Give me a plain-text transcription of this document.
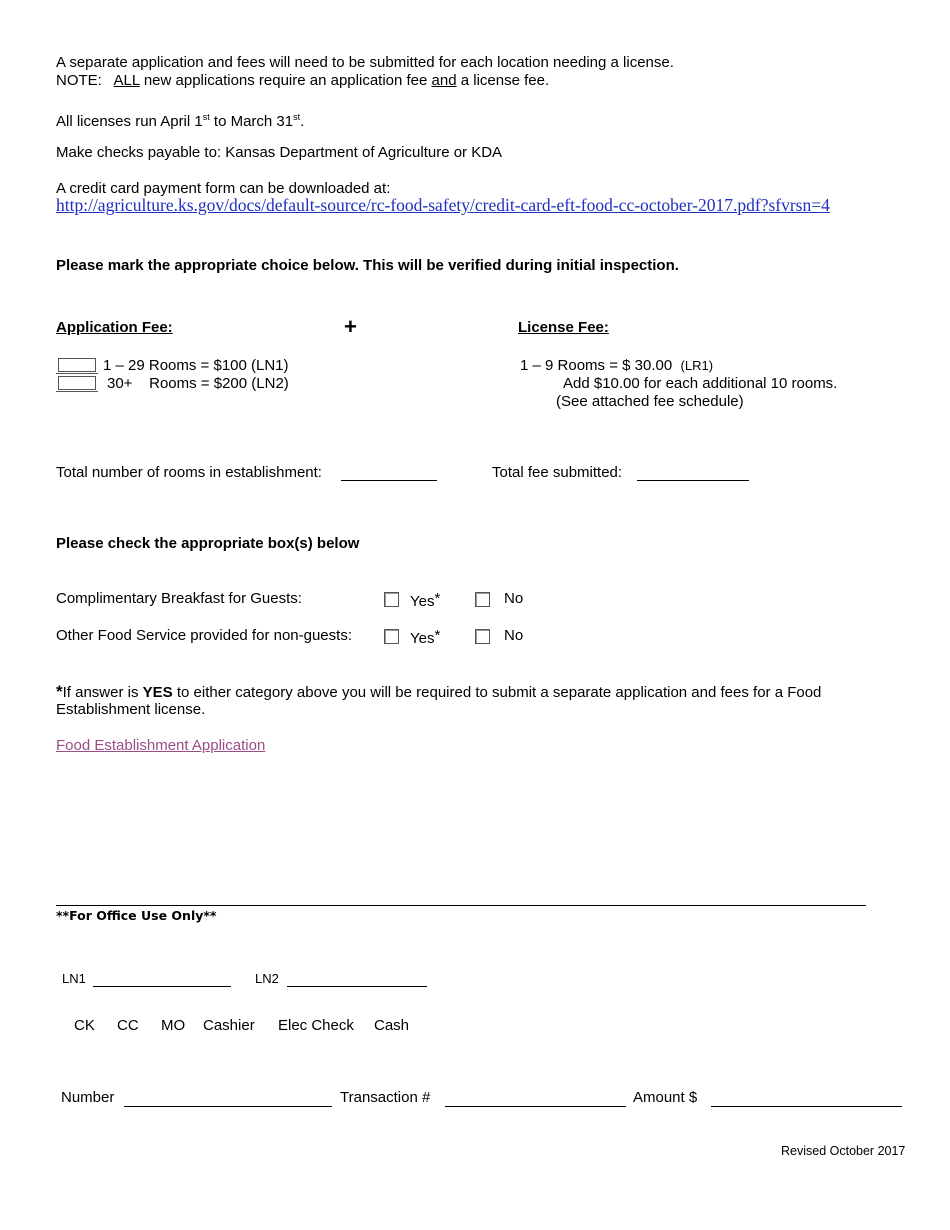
A separate application and fees will need to be submitted for each location needing a license.
NOTE: ALL new applications require an application fee and a license fee.
All licenses run April 1st to March 31st.
Make checks payable to: Kansas Department of Agriculture or KDA
A credit card payment form can be downloaded at:
http://agriculture.ks.gov/docs/default-source/rc-food-safety/credit-card-eft-food-cc-october-2017.pdf?sfvrsn=4
Please mark the appropriate choice below. This will be verified during initial inspection.
Application Fee:	+	License Fee:
1 – 29 Rooms = $100 (LN1)
30+ Rooms = $200 (LN2)
1 – 9 Rooms = $ 30.00 (LR1)
Add $10.00 for each additional 10 rooms.
(See attached fee schedule)
Total number of rooms in establishment:	Total fee submitted:
Please check the appropriate box(s) below
Complimentary Breakfast for Guests:	Yes*	No
Other Food Service provided for non-guests:	Yes*	No
*If answer is YES to either category above you will be required to submit a separate application and fees for a Food
Establishment license.
Food Establishment Application
**For Office Use Only**
LN1	LN2
CK CC MO Cashier Elec Check Cash
Number	Transaction #	Amount $
Revised October 2017
